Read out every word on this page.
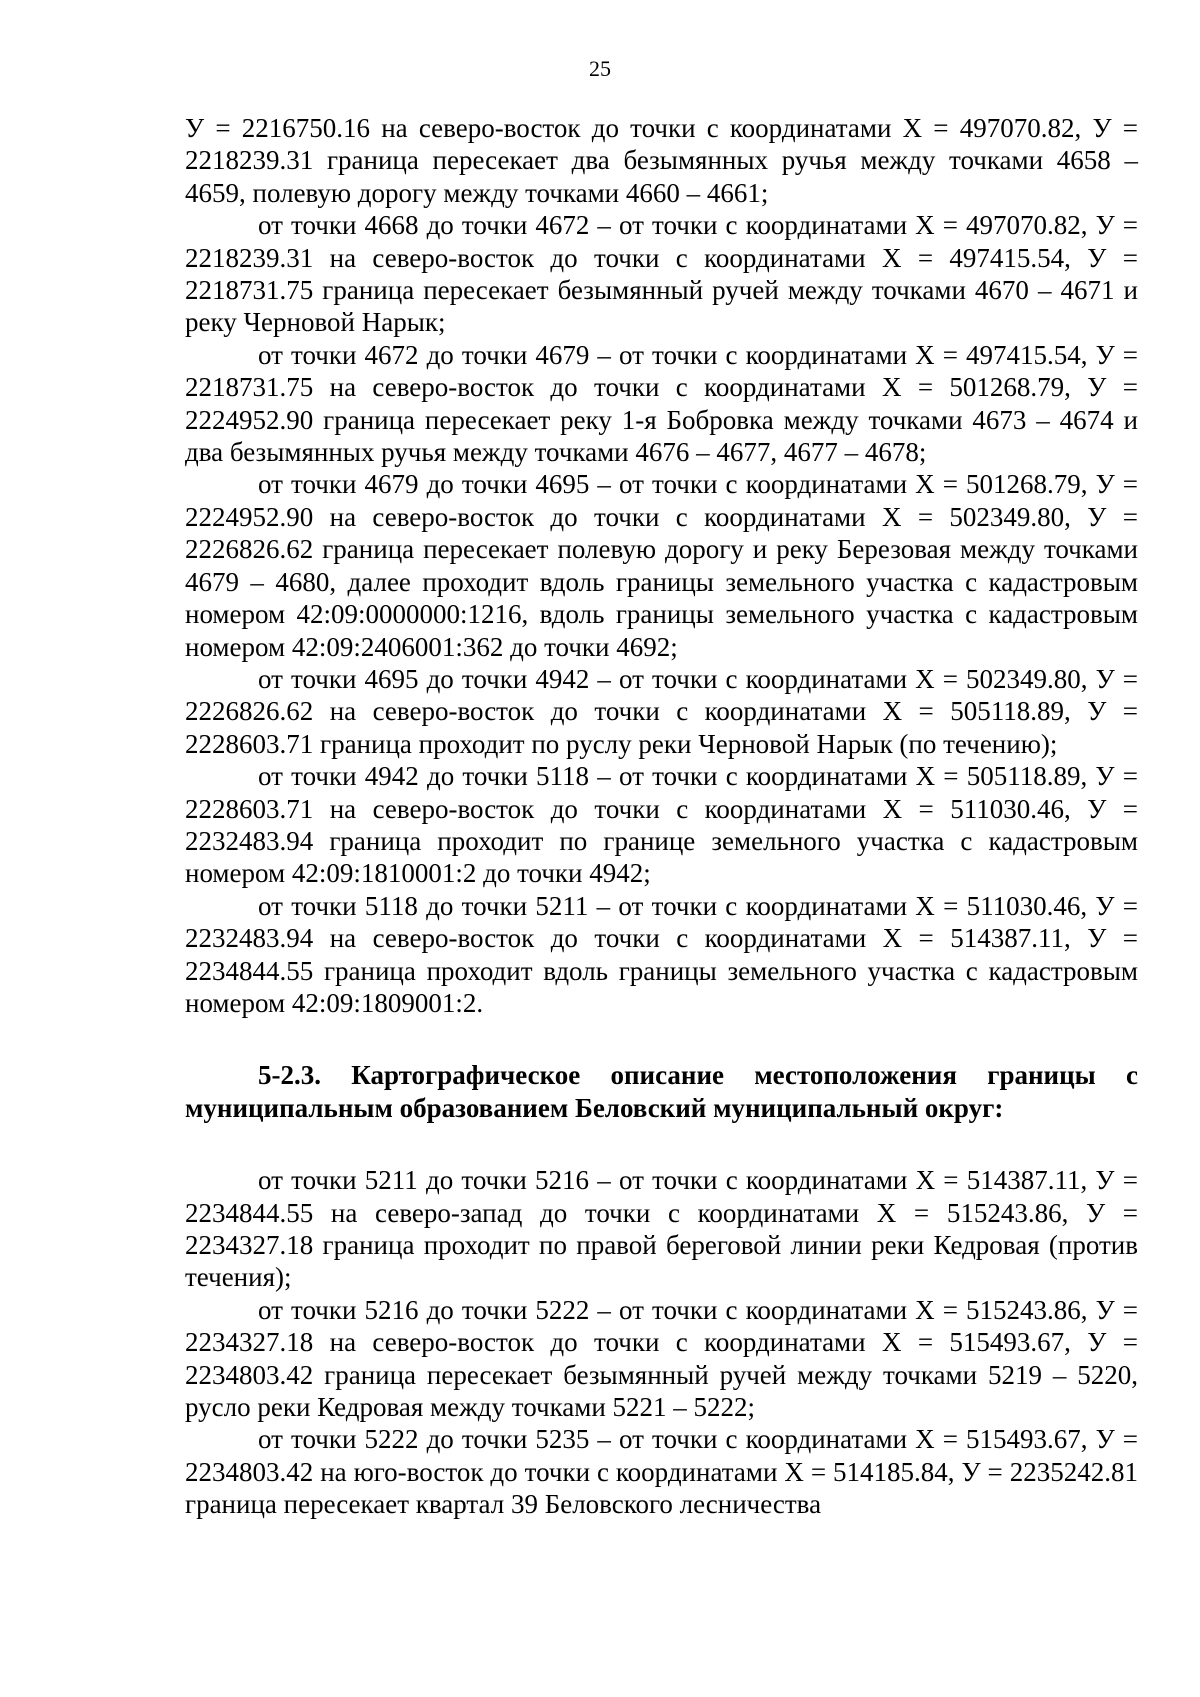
25

У = 2216750.16 на северо-восток до точки с координатами Х = 497070.82, У = 2218239.31 граница пересекает два безымянных ручья между точками 4658 – 4659, полевую дорогу между точками 4660 – 4661;

от точки 4668 до точки 4672 – от точки с координатами Х = 497070.82, У = 2218239.31 на северо-восток до точки с координатами Х = 497415.54, У = 2218731.75 граница пересекает безымянный ручей между точками 4670 – 4671 и реку Черновой Нарык;

от точки 4672 до точки 4679 – от точки с координатами Х = 497415.54, У = 2218731.75 на северо-восток до точки с координатами Х = 501268.79, У = 2224952.90 граница пересекает реку 1-я Бобровка между точками 4673 – 4674 и два безымянных ручья между точками 4676 – 4677, 4677 – 4678;

от точки 4679 до точки 4695 – от точки с координатами Х = 501268.79, У = 2224952.90 на северо-восток до точки с координатами Х = 502349.80, У = 2226826.62 граница пересекает полевую дорогу и реку Березовая между точками 4679 – 4680, далее проходит вдоль границы земельного участка с кадастровым номером 42:09:0000000:1216, вдоль границы земельного участка с кадастровым номером 42:09:2406001:362 до точки 4692;

от точки 4695 до точки 4942 – от точки с координатами Х = 502349.80, У = 2226826.62 на северо-восток до точки с координатами Х = 505118.89, У = 2228603.71 граница проходит по руслу реки Черновой Нарык (по течению);

от точки 4942 до точки 5118 – от точки с координатами Х = 505118.89, У = 2228603.71 на северо-восток до точки с координатами Х = 511030.46, У = 2232483.94 граница проходит по границе земельного участка с кадастровым номером 42:09:1810001:2 до точки 4942;

от точки 5118 до точки 5211 – от точки с координатами Х = 511030.46, У = 2232483.94 на северо-восток до точки с координатами Х = 514387.11, У = 2234844.55 граница проходит вдоль границы земельного участка с кадастровым номером 42:09:1809001:2.

5-2.3. Картографическое описание местоположения границы с муниципальным образованием Беловский муниципальный округ:

от точки 5211 до точки 5216 – от точки с координатами Х = 514387.11, У = 2234844.55 на северо-запад до точки с координатами Х = 515243.86, У = 2234327.18 граница проходит по правой береговой линии реки Кедровая (против течения);

от точки 5216 до точки 5222 – от точки с координатами Х = 515243.86, У = 2234327.18 на северо-восток до точки с координатами Х = 515493.67, У = 2234803.42 граница пересекает безымянный ручей между точками 5219 – 5220, русло реки Кедровая между точками 5221 – 5222;

от точки 5222 до точки 5235 – от точки с координатами Х = 515493.67, У = 2234803.42 на юго-восток до точки с координатами Х = 514185.84, У = 2235242.81 граница пересекает квартал 39 Беловского лесничества
